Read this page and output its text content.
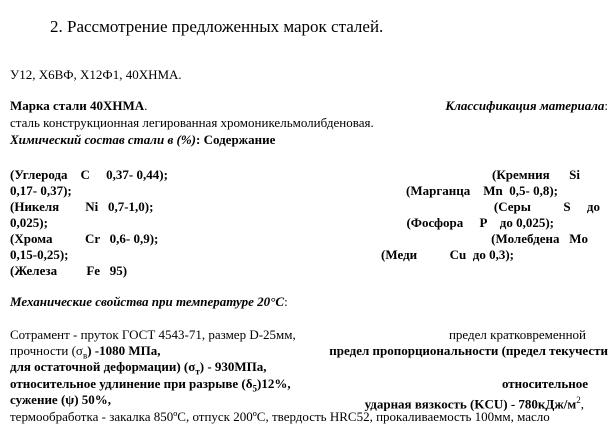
2. Рассмотрение предложенных марок сталей.
У12, Х6ВФ, Х12Ф1, 40ХНМА.
Марка стали 40ХНМА.	Классификация материала:
сталь конструкционная легированная хромоникельмолибденовая.
Химический состав стали в (%): Содержание
(Углерода    C     0,37- 0,44);	(Кремния      Si
0,17- 0,37);	(Марганца    Mn  0,5- 0,8);
(Никеля        Ni   0,7-1,0);	(Серы          S     до
0,025);	(Фосфора     P    до 0,025);
(Хрома          Cr   0,6- 0,9);	(Молебдена   Mo
0,15-0,25);	(Меди          Cu  до 0,3);
(Железа         Fe   95)
Механические свойства при температуре 20°C:
Сотрамент - пруток ГОСТ 4543-71, размер D-25мм,	предел кратковременной
прочности $(\sigma_в)$ -1080 МПа,	предел пропорциональности (предел текучести
для остаточной деформации) $(\sigma_т) - 930МПа$,
относительное удлинение при разрыве $(\delta_5)12\%$,	относительное
сужение (ψ) 50%,	ударная вязкость $(KCU) - 780кДж/м^2$,
термообработка - закалка 850ºC, отпуск 200ºC, твердость HRC52, прокаливаемость 100мм, масло
